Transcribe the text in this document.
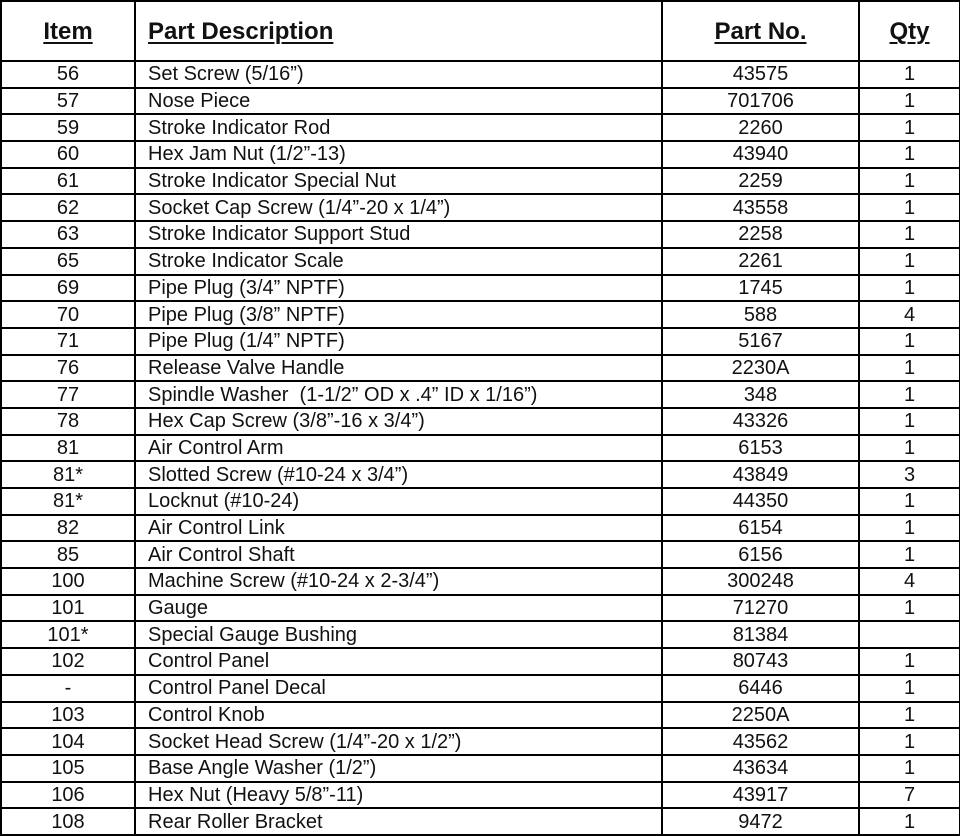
Item	Part Description	Part No.	Qty
56	Set Screw (5/16”)	43575	1
57	Nose Piece	701706	1
59	Stroke Indicator Rod	2260	1
60	Hex Jam Nut (1/2”-13)	43940	1
61	Stroke Indicator Special Nut	2259	1
62	Socket Cap Screw (1/4”-20 x 1/4”)	43558	1
63	Stroke Indicator Support Stud	2258	1
65	Stroke Indicator Scale	2261	1
69	Pipe Plug (3/4” NPTF)	1745	1
70	Pipe Plug (3/8” NPTF)	588	4
71	Pipe Plug (1/4” NPTF)	5167	1
76	Release Valve Handle	2230A	1
77	Spindle Washer  (1-1/2” OD x .4” ID x 1/16”)	348	1
78	Hex Cap Screw (3/8”-16 x 3/4”)	43326	1
81	Air Control Arm	6153	1
81*	Slotted Screw (#10-24 x 3/4”)	43849	3
81*	Locknut (#10-24)	44350	1
82	Air Control Link	6154	1
85	Air Control Shaft	6156	1
100	Machine Screw (#10-24 x 2-3/4”)	300248	4
101	Gauge	71270	1
101*	Special Gauge Bushing	81384	
102	Control Panel	80743	1
-	Control Panel Decal	6446	1
103	Control Knob	2250A	1
104	Socket Head Screw (1/4”-20 x 1/2”)	43562	1
105	Base Angle Washer (1/2”)	43634	1
106	Hex Nut (Heavy 5/8”-11)	43917	7
108	Rear Roller Bracket	9472	1
